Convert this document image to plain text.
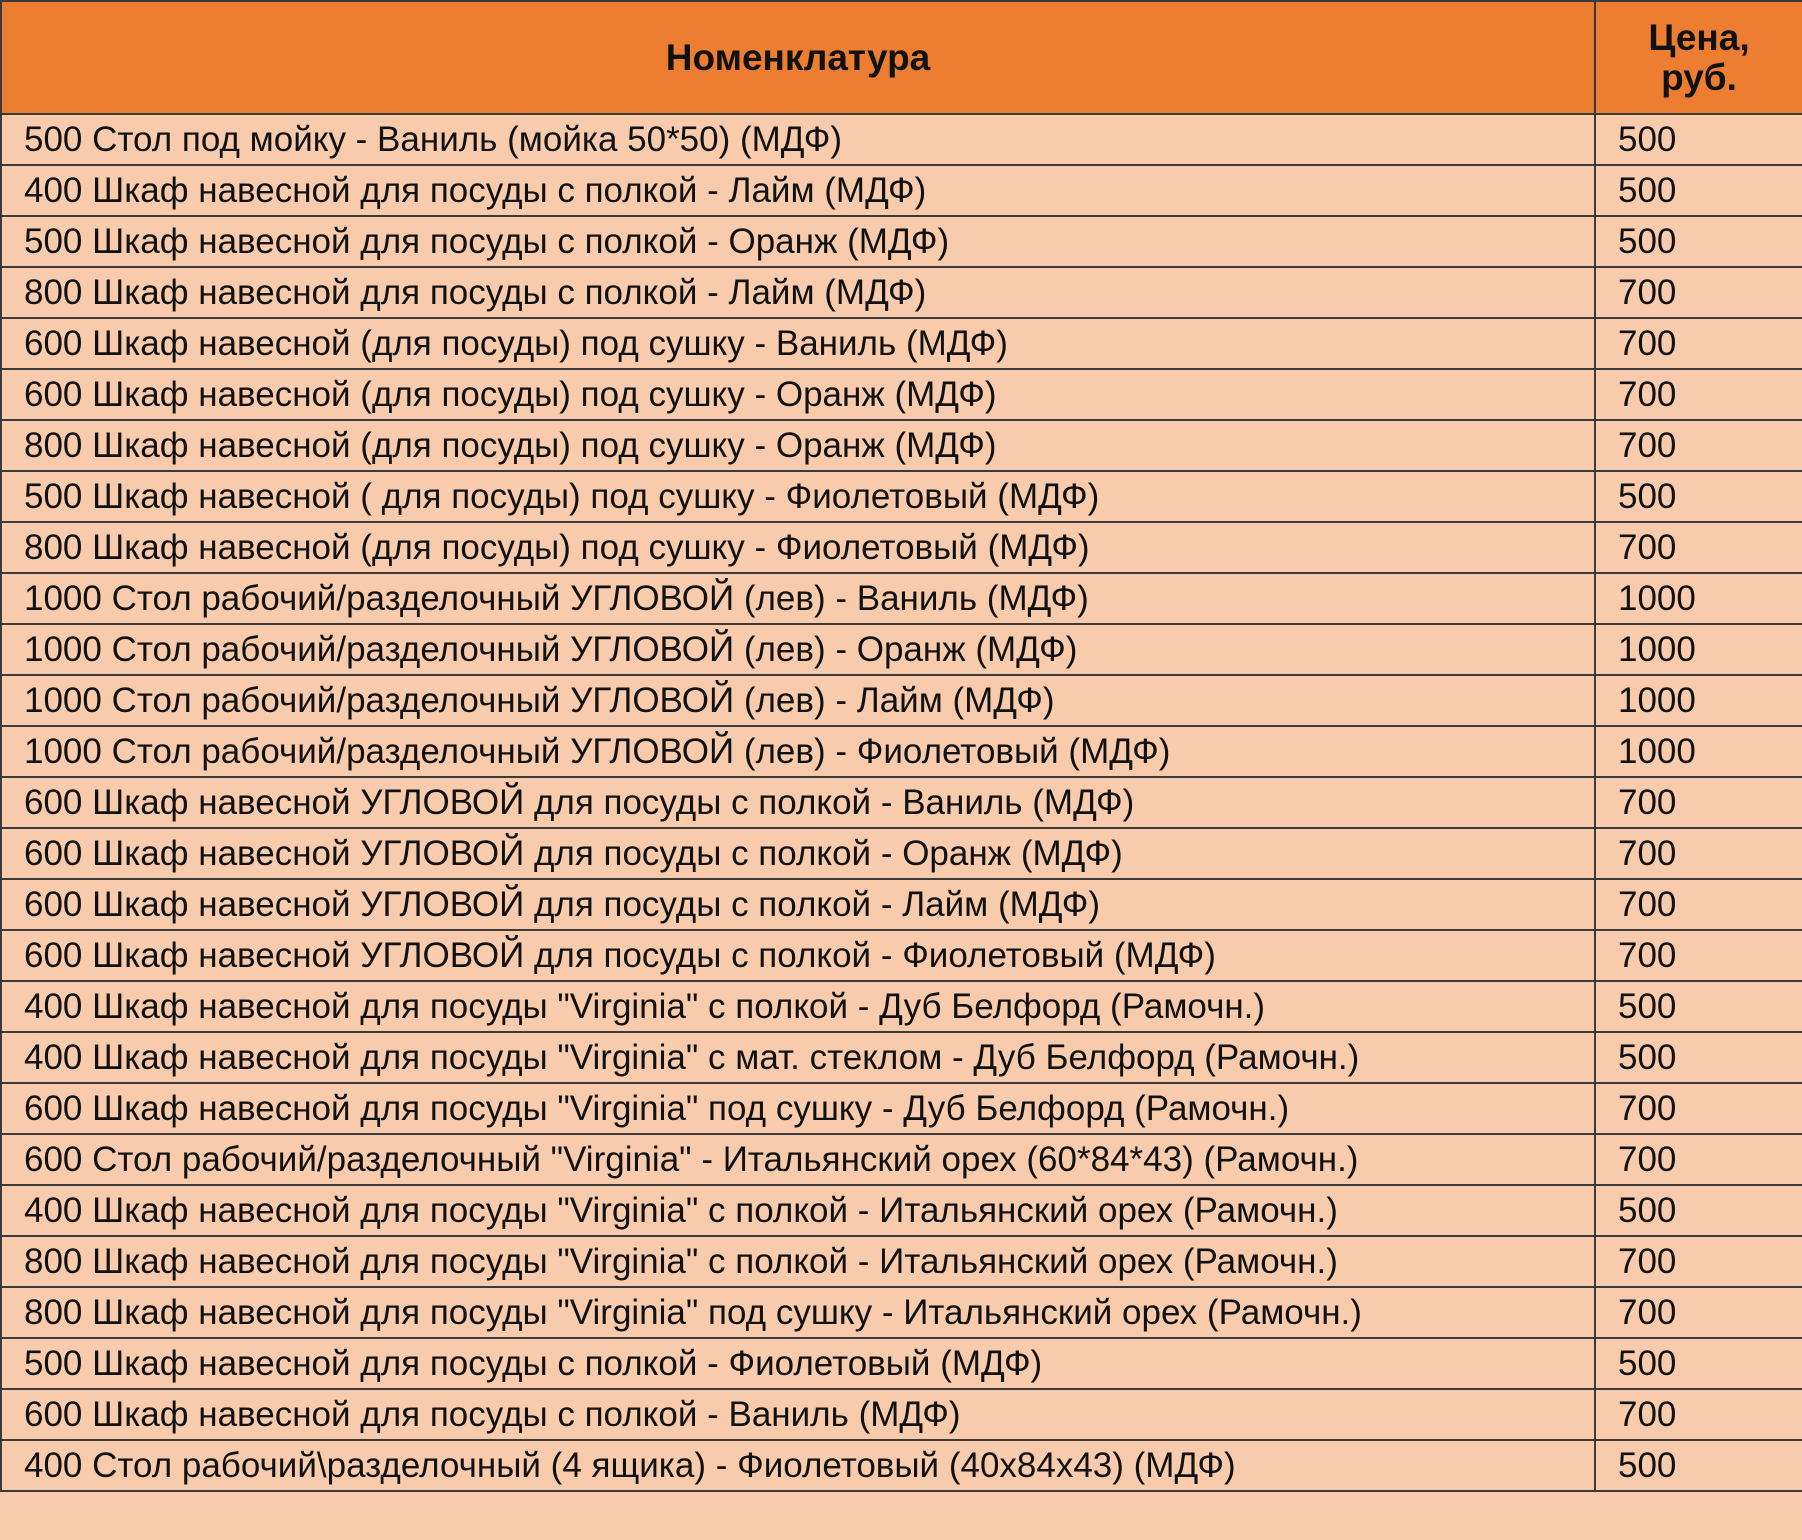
Номенклатура	Цена,
руб.

500 Стол под мойку - Ваниль (мойка 50*50) (МДФ)	500
400 Шкаф навесной для посуды с полкой - Лайм (МДФ)	500
500 Шкаф навесной для посуды с полкой - Оранж (МДФ)	500
800 Шкаф навесной для посуды с полкой - Лайм (МДФ)	700
600 Шкаф навесной (для посуды) под сушку - Ваниль (МДФ)	700
600 Шкаф навесной (для посуды) под сушку - Оранж (МДФ)	700
800 Шкаф навесной (для посуды) под сушку - Оранж (МДФ)	700
500 Шкаф навесной ( для посуды) под сушку - Фиолетовый (МДФ)	500
800 Шкаф навесной (для посуды) под сушку - Фиолетовый (МДФ)	700
1000 Стол рабочий/разделочный УГЛОВОЙ (лев) - Ваниль (МДФ)	1000
1000 Стол рабочий/разделочный УГЛОВОЙ (лев) - Оранж (МДФ)	1000
1000 Стол рабочий/разделочный УГЛОВОЙ (лев) - Лайм (МДФ)	1000
1000 Стол рабочий/разделочный УГЛОВОЙ (лев) - Фиолетовый (МДФ)	1000
600 Шкаф навесной УГЛОВОЙ для посуды с полкой - Ваниль (МДФ)	700
600 Шкаф навесной УГЛОВОЙ для посуды с полкой - Оранж (МДФ)	700
600 Шкаф навесной УГЛОВОЙ для посуды с полкой - Лайм (МДФ)	700
600 Шкаф навесной УГЛОВОЙ для посуды с полкой - Фиолетовый (МДФ)	700
400 Шкаф навесной для посуды "Virginia" с полкой - Дуб Белфорд (Рамочн.)	500
400 Шкаф навесной для посуды "Virginia" с мат. стеклом - Дуб Белфорд (Рамочн.)	500
600 Шкаф навесной для посуды "Virginia" под сушку - Дуб Белфорд (Рамочн.)	700
600 Стол рабочий/разделочный "Virginia" - Итальянский орех (60*84*43) (Рамочн.)	700
400 Шкаф навесной для посуды "Virginia" с полкой - Итальянский орех (Рамочн.)	500
800 Шкаф навесной для посуды "Virginia" с полкой - Итальянский орех (Рамочн.)	700
800 Шкаф навесной для посуды "Virginia" под сушку - Итальянский орех (Рамочн.)	700
500 Шкаф навесной для посуды с полкой - Фиолетовый (МДФ)	500
600 Шкаф навесной для посуды с полкой - Ваниль (МДФ)	700
400 Стол рабочий\разделочный (4 ящика) - Фиолетовый (40х84х43) (МДФ)	500
